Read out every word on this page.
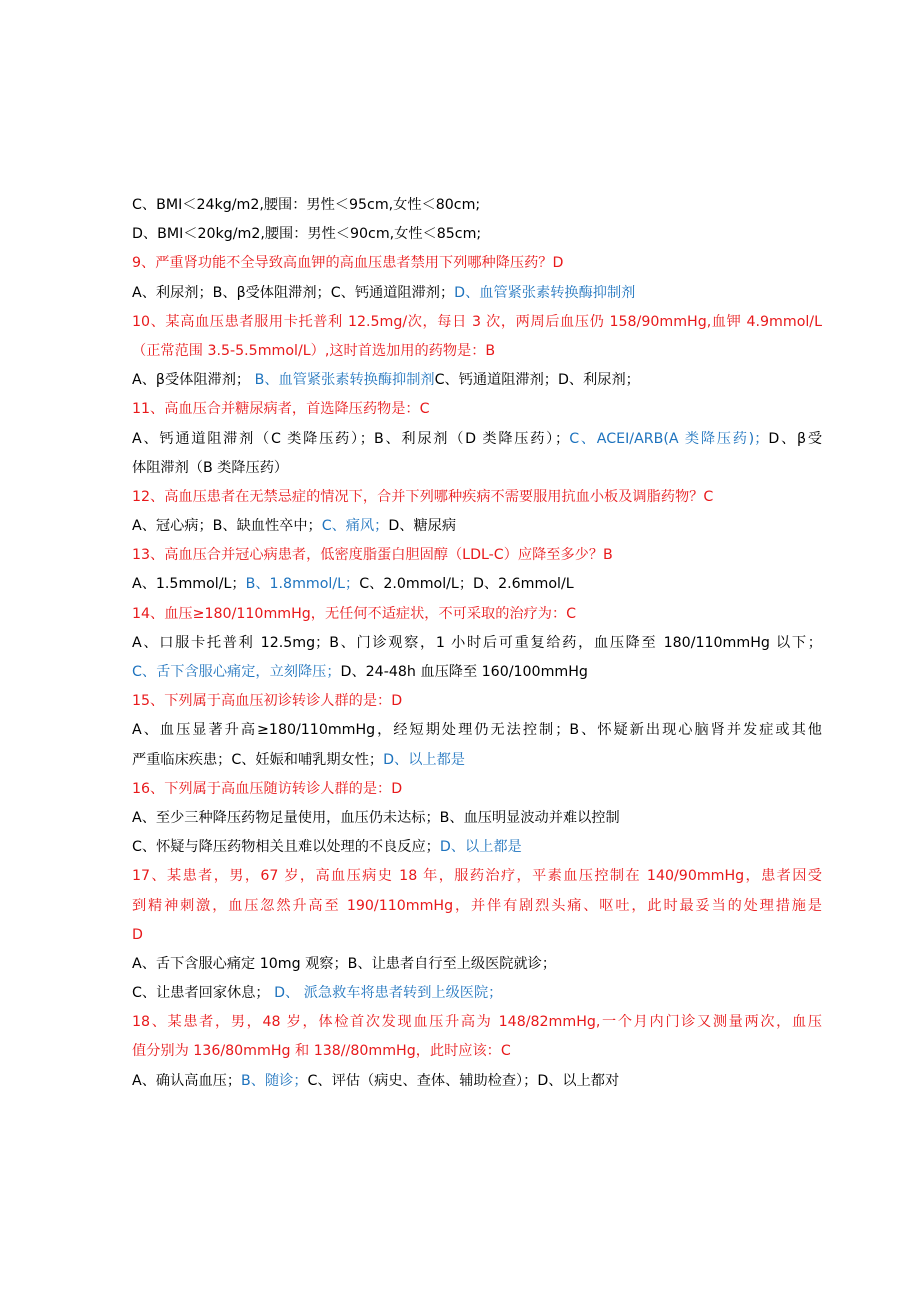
C、BMI＜24kg/m2,腰围：男性＜95cm,女性＜80cm;
D、BMI＜20kg/m2,腰围：男性＜90cm,女性＜85cm;
9、严重肾功能不全导致高血钾的高血压患者禁用下列哪种降压药？D
A、利尿剂；B、β受体阻滞剂；C、钙通道阻滞剂；D、血管紧张素转换酶抑制剂
10、某高血压患者服用卡托普利 12.5mg/次，每日 3 次，两周后血压仍 158/90mmHg,血钾 4.9mmol/L
（正常范围 3.5-5.5mmol/L）,这时首选加用的药物是：B
A、β受体阻滞剂； B、血管紧张素转换酶抑制剂C、钙通道阻滞剂；D、利尿剂；
11、高血压合并糖尿病者，首选降压药物是：C
A、钙通道阻滞剂（C 类降压药）；B、利尿剂（D 类降压药）；C、ACEI/ARB(A 类降压药)；D、β受
体阻滞剂（B 类降压药）
12、高血压患者在无禁忌症的情况下，合并下列哪种疾病不需要服用抗血小板及调脂药物？C
A、冠心病；B、缺血性卒中；C、痛风；D、糖尿病
13、高血压合并冠心病患者，低密度脂蛋白胆固醇（LDL-C）应降至多少？B
A、1.5mmol/L；B、1.8mmol/L；C、2.0mmol/L；D、2.6mmol/L
14、血压≥180/110mmHg，无任何不适症状，不可采取的治疗为：C
A、口服卡托普利 12.5mg；B、门诊观察，1 小时后可重复给药，血压降至 180/110mmHg 以下；
C、舌下含服心痛定，立刻降压；D、24-48h 血压降至 160/100mmHg
15、下列属于高血压初诊转诊人群的是：D
A、血压显著升高≥180/110mmHg，经短期处理仍无法控制；B、怀疑新出现心脑肾并发症或其他
严重临床疾患；C、妊娠和哺乳期女性；D、以上都是
16、下列属于高血压随访转诊人群的是：D
A、至少三种降压药物足量使用，血压仍未达标；B、血压明显波动并难以控制
C、怀疑与降压药物相关且难以处理的不良反应；D、以上都是
17、某患者，男，67 岁，高血压病史 18 年，服药治疗，平素血压控制在 140/90mmHg，患者因受
到精神刺激，血压忽然升高至 190/110mmHg，并伴有剧烈头痛、呕吐，此时最妥当的处理措施是
D
A、舌下含服心痛定 10mg 观察；B、让患者自行至上级医院就诊；
C、让患者回家休息； D、 派急救车将患者转到上级医院；
18、某患者，男，48 岁，体检首次发现血压升高为 148/82mmHg,一个月内门诊又测量两次，血压
值分别为 136/80mmHg 和 138//80mmHg，此时应该：C
A、确认高血压；B、随诊；C、评估（病史、查体、辅助检查）；D、以上都对
